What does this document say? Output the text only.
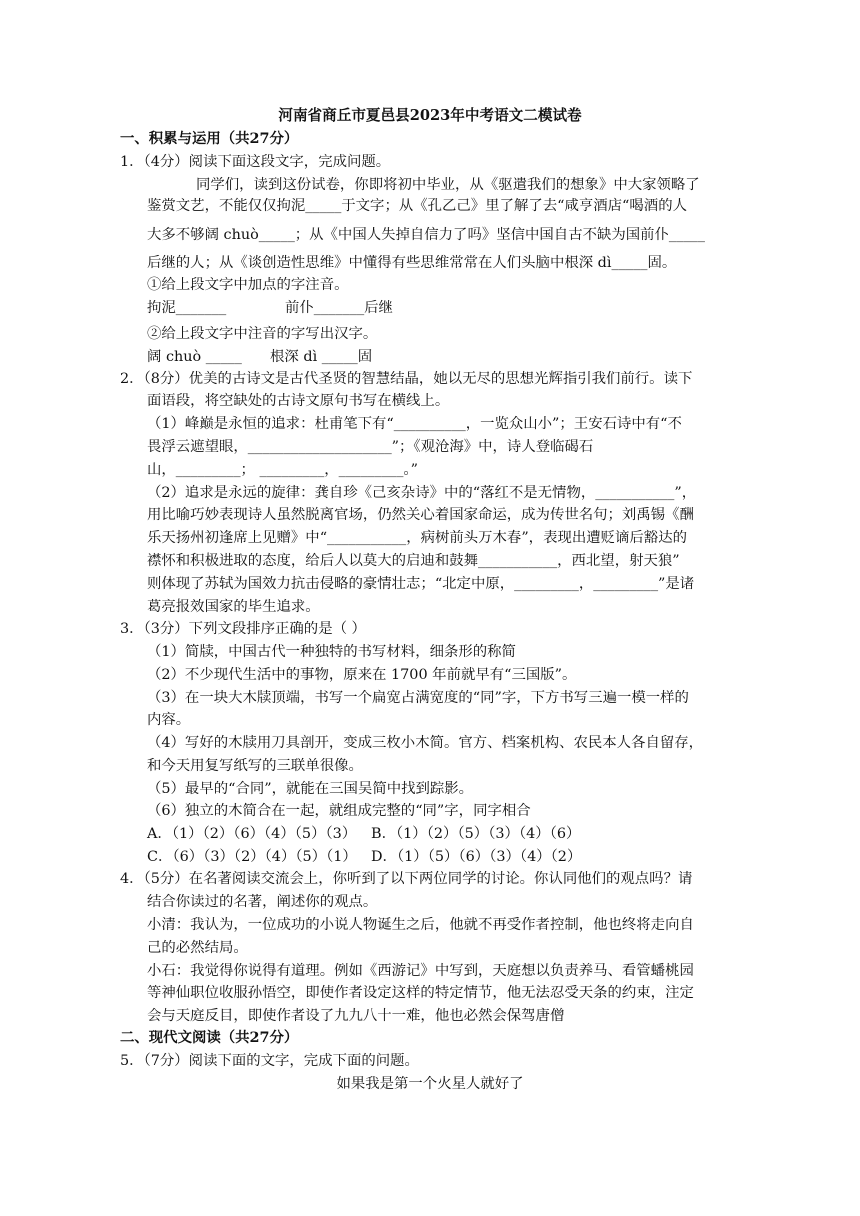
河南省商丘市夏邑县2023年中考语文二模试卷
一、积累与运用（共27分）
1．（4分）阅读下面这段文字，完成问题。
同学们，读到这份试卷，你即将初中毕业，从《驱遣我们的想象》中大家领略了
鉴赏文艺，不能仅仅拘泥_____于文字；从《孔乙己》里了解了去“咸亨酒店“喝酒的人
大多不够阔 chuò_____；从《中国人失掉自信力了吗》坚信中国自古不缺为国前仆_____
后继的人；从《谈创造性思维》中懂得有些思维常常在人们头脑中根深 dì_____固。
①给上段文字中加点的字注音。
拘泥_______	前仆_______后继
②给上段文字中注音的字写出汉字。
阔 chuò _____ 根深 dì _____固
2．（8分）优美的古诗文是古代圣贤的智慧结晶，她以无尽的思想光辉指引我们前行。读下
面语段，将空缺处的古诗文原句书写在横线上。
（1）峰巅是永恒的追求：杜甫笔下有“__________，一览众山小”；王安石诗中有“不
畏浮云遮望眼，____________________”；《观沧海》中，诗人登临碣石
山，_________； _________，_________。”
（2）追求是永远的旋律：龚自珍《己亥杂诗》中的“落红不是无情物，___________”，
用比喻巧妙表现诗人虽然脱离官场，仍然关心着国家命运，成为传世名句；刘禹锡《酬
乐天扬州初逢席上见赠》中“___________，病树前头万木春”，表现出遭贬谪后豁达的
襟怀和积极进取的态度，给后人以莫大的启迪和鼓舞___________，西北望，射天狼”
则体现了苏轼为国效力抗击侵略的豪情壮志；“北定中原，_________，_________”是诸
葛亮报效国家的毕生追求。
3．（3分）下列文段排序正确的是（ ）
（1）简牍，中国古代一种独特的书写材料，细条形的称简
（2）不少现代生活中的事物，原来在 1700 年前就早有“三国版”。
（3）在一块大木牍顶端，书写一个扁宽占满宽度的“同”字，下方书写三遍一模一样的
内容。
（4）写好的木牍用刀具剖开，变成三枚小木简。官方、档案机构、农民本人各自留存，
和今天用复写纸写的三联单很像。
（5）最早的“合同”，就能在三国吴简中找到踪影。
（6）独立的木简合在一起，就组成完整的“同”字，同字相合
A．（1）（2）（6）（4）（5）（3） B．（1）（2）（5）（3）（4）（6）
C．（6）（3）（2）（4）（5）（1） D．（1）（5）（6）（3）（4）（2）
4．（5分）在名著阅读交流会上，你听到了以下两位同学的讨论。你认同他们的观点吗？请
结合你读过的名著，阐述你的观点。
小清：我认为，一位成功的小说人物诞生之后，他就不再受作者控制，他也终将走向自
己的必然结局。
小石：我觉得你说得有道理。例如《西游记》中写到，天庭想以负责养马、看管蟠桃园
等神仙职位收服孙悟空，即使作者设定这样的特定情节，他无法忍受天条的约束，注定
会与天庭反目，即使作者设了九九八十一难，他也必然会保驾唐僧
二、现代文阅读（共27分）
5．（7分）阅读下面的文字，完成下面的问题。
如果我是第一个火星人就好了
